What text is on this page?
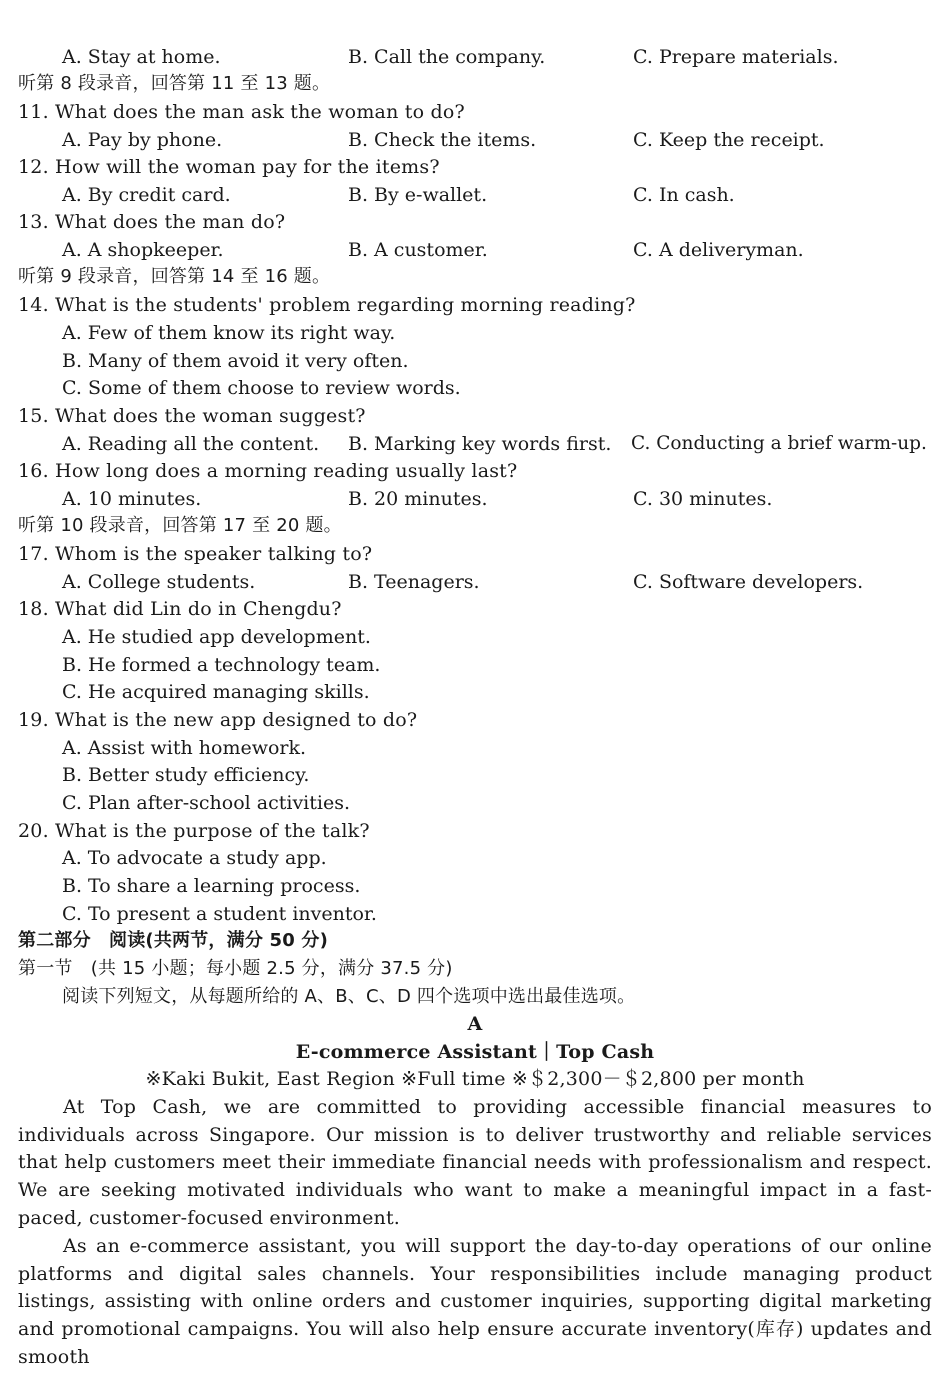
A. Stay at home.	B. Call the company.	C. Prepare materials.
听第 8 段录音，回答第 11 至 13 题。
11. What does the man ask the woman to do?
A. Pay by phone.	B. Check the items.	C. Keep the receipt.
12. How will the woman pay for the items?
A. By credit card.	B. By e-wallet.	C. In cash.
13. What does the man do?
A. A shopkeeper.	B. A customer.	C. A deliveryman.
听第 9 段录音，回答第 14 至 16 题。
14. What is the students' problem regarding morning reading?
A. Few of them know its right way.
B. Many of them avoid it very often.
C. Some of them choose to review words.
15. What does the woman suggest?
A. Reading all the content. B. Marking key words first. C. Conducting a brief warm-up.
16. How long does a morning reading usually last?
A. 10 minutes.	B. 20 minutes.	C. 30 minutes.
听第 10 段录音，回答第 17 至 20 题。
17. Whom is the speaker talking to?
A. College students.	B. Teenagers.	C. Software developers.
18. What did Lin do in Chengdu?
A. He studied app development.
B. He formed a technology team.
C. He acquired managing skills.
19. What is the new app designed to do?
A. Assist with homework.
B. Better study efficiency.
C. Plan after-school activities.
20. What is the purpose of the talk?
A. To advocate a study app.
B. To share a learning process.
C. To present a student inventor.
第二部分　阅读(共两节，满分 50 分)
第一节　(共 15 小题；每小题 2.5 分，满分 37.5 分)
阅读下列短文，从每题所给的 A、B、C、D 四个选项中选出最佳选项。
A
E-commerce Assistant｜Top Cash
※Kaki Bukit, East Region ※Full time ※＄2,300－＄2,800 per month
At Top Cash, we are committed to providing accessible financial measures to individuals across Singapore. Our mission is to deliver trustworthy and reliable services that help customers meet their immediate financial needs with professionalism and respect. We are seeking motivated individuals who want to make a meaningful impact in a fast-paced, customer-focused environment.
As an e-commerce assistant, you will support the day-to-day operations of our online platforms and digital sales channels. Your responsibilities include managing product listings, assisting with online orders and customer inquiries, supporting digital marketing and promotional campaigns. You will also help ensure accurate inventory(库存) updates and smooth
